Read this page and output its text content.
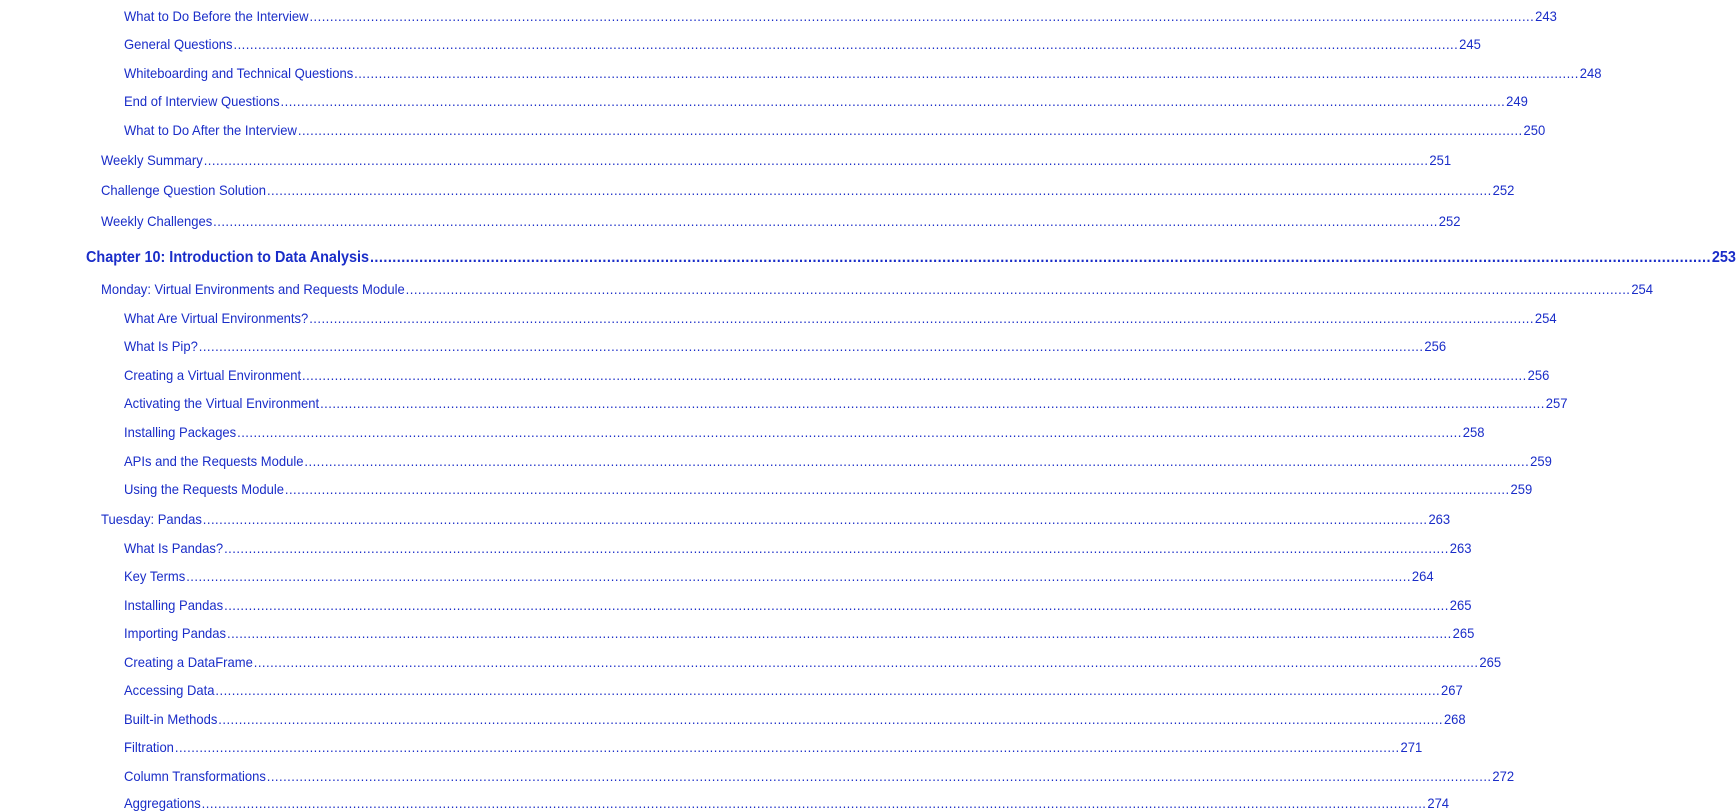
What to Do Before the Interview ............................................................................................................................................................................................................................................................................................................ 243
General Questions ............................................................................................................................................................................................................................................................................................................ 245
Whiteboarding and Technical Questions ............................................................................................................................................................................................................................................................................................................ 248
End of Interview Questions ............................................................................................................................................................................................................................................................................................................ 249
What to Do After the Interview ............................................................................................................................................................................................................................................................................................................ 250
Weekly Summary ............................................................................................................................................................................................................................................................................................................ 251
Challenge Question Solution ............................................................................................................................................................................................................................................................................................................ 252
Weekly Challenges ............................................................................................................................................................................................................................................................................................................ 252
Chapter 10: Introduction to Data Analysis ............................................................................................................................................................................................................................................................................................................ 253
Monday: Virtual Environments and Requests Module ............................................................................................................................................................................................................................................................................................................ 254
What Are Virtual Environments? ............................................................................................................................................................................................................................................................................................................ 254
What Is Pip? ............................................................................................................................................................................................................................................................................................................ 256
Creating a Virtual Environment ............................................................................................................................................................................................................................................................................................................ 256
Activating the Virtual Environment ............................................................................................................................................................................................................................................................................................................ 257
Installing Packages ............................................................................................................................................................................................................................................................................................................ 258
APIs and the Requests Module ............................................................................................................................................................................................................................................................................................................ 259
Using the Requests Module ............................................................................................................................................................................................................................................................................................................ 259
Tuesday: Pandas ............................................................................................................................................................................................................................................................................................................ 263
What Is Pandas? ............................................................................................................................................................................................................................................................................................................ 263
Key Terms ............................................................................................................................................................................................................................................................................................................ 264
Installing Pandas ............................................................................................................................................................................................................................................................................................................ 265
Importing Pandas ............................................................................................................................................................................................................................................................................................................ 265
Creating a DataFrame ............................................................................................................................................................................................................................................................................................................ 265
Accessing Data ............................................................................................................................................................................................................................................................................................................ 267
Built-in Methods ............................................................................................................................................................................................................................................................................................................ 268
Filtration ............................................................................................................................................................................................................................................................................................................ 271
Column Transformations ............................................................................................................................................................................................................................................................................................................ 272
Aggregations ............................................................................................................................................................................................................................................................................................................ 274
